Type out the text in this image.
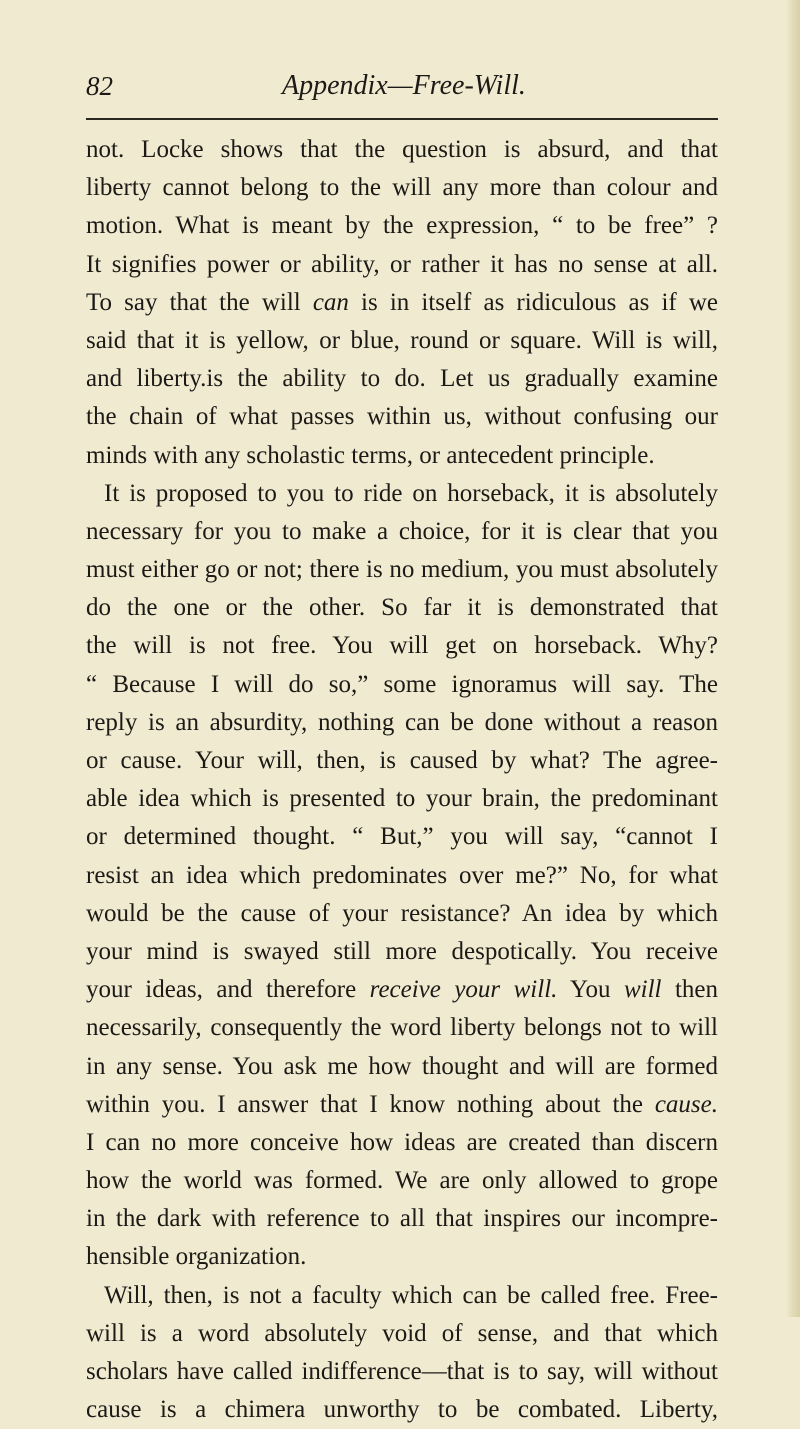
82	Appendix—Free-Will.
not. Locke shows that the question is absurd, and that
liberty cannot belong to the will any more than colour and
motion. What is meant by the expression, “ to be free” ?
It signifies power or ability, or rather it has no sense at all.
To say that the will can is in itself as ridiculous as if we
said that it is yellow, or blue, round or square. Will is will,
and liberty.is the ability to do. Let us gradually examine
the chain of what passes within us, without confusing our
minds with any scholastic terms, or antecedent principle.
It is proposed to you to ride on horseback, it is absolutely
necessary for you to make a choice, for it is clear that you
must either go or not; there is no medium, you must absolutely
do the one or the other. So far it is demonstrated that
the will is not free. You will get on horseback. Why?
“ Because I will do so,” some ignoramus will say. The
reply is an absurdity, nothing can be done without a reason
or cause. Your will, then, is caused by what? The agree-
able idea which is presented to your brain, the predominant
or determined thought. “ But,” you will say, “cannot I
resist an idea which predominates over me?” No, for what
would be the cause of your resistance? An idea by which
your mind is swayed still more despotically. You receive
your ideas, and therefore receive your will. You will then
necessarily, consequently the word liberty belongs not to will
in any sense. You ask me how thought and will are formed
within you. I answer that I know nothing about the cause.
I can no more conceive how ideas are created than discern
how the world was formed. We are only allowed to grope
in the dark with reference to all that inspires our incompre-
hensible organization.
Will, then, is not a faculty which can be called free. Free-
will is a word absolutely void of sense, and that which
scholars have called indifference—that is to say, will without
cause is a chimera unworthy to be combated. Liberty,
